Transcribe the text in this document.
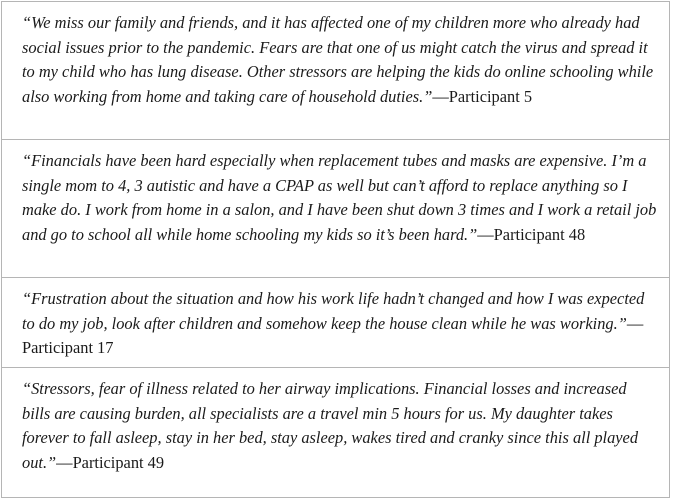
“We miss our family and friends, and it has affected one of my children more who already had social issues prior to the pandemic. Fears are that one of us might catch the virus and spread it to my child who has lung disease. Other stressors are helping the kids do online schooling while also working from home and taking care of household duties.”—Participant 5
“Financials have been hard especially when replacement tubes and masks are expensive. I’m a single mom to 4, 3 autistic and have a CPAP as well but can’t afford to replace anything so I make do. I work from home in a salon, and I have been shut down 3 times and I work a retail job and go to school all while home schooling my kids so it’s been hard.”—Participant 48
“Frustration about the situation and how his work life hadn’t changed and how I was expected to do my job, look after children and somehow keep the house clean while he was working.”—Participant 17
“Stressors, fear of illness related to her airway implications. Financial losses and increased bills are causing burden, all specialists are a travel min 5 hours for us. My daughter takes forever to fall asleep, stay in her bed, stay asleep, wakes tired and cranky since this all played out.”—Participant 49
